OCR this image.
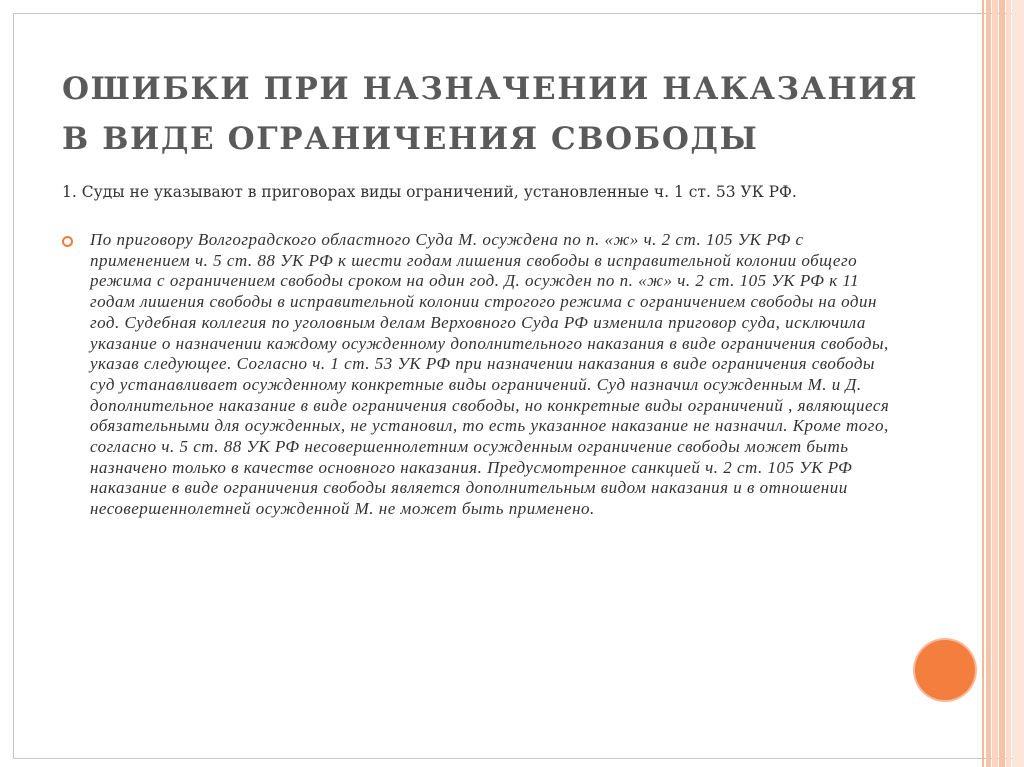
ОШИБКИ ПРИ НАЗНАЧЕНИИ НАКАЗАНИЯ В ВИДЕ ОГРАНИЧЕНИЯ СВОБОДЫ

1. Суды не указывают в приговорах виды ограничений, установленные ч. 1 ст. 53 УК РФ.

По приговору Волгоградского областного Суда М. осуждена по п. «ж» ч. 2 ст. 105 УК РФ с применением ч. 5 ст. 88 УК РФ к шести годам лишения свободы в исправительной колонии общего режима с ограничением свободы сроком на один год. Д. осужден по п. «ж» ч. 2 ст. 105 УК РФ к 11 годам лишения свободы в исправительной колонии строгого режима с ограничением свободы на один год. Судебная коллегия по уголовным делам Верховного Суда РФ изменила приговор суда, исключила указание о назначении каждому осужденному дополнительного наказания в виде ограничения свободы, указав следующее. Согласно ч. 1 ст. 53 УК РФ при назначении наказания в виде ограничения свободы суд устанавливает осужденному конкретные виды ограничений. Суд назначил осужденным М. и Д. дополнительное наказание в виде ограничения свободы, но конкретные виды ограничений , являющиеся обязательными для осужденных, не установил, то есть указанное наказание не назначил. Кроме того, согласно ч. 5 ст. 88 УК РФ несовершеннолетним осужденным ограничение свободы может быть назначено только в качестве основного наказания. Предусмотренное санкцией ч. 2 ст. 105 УК РФ наказание в виде ограничения свободы является дополнительным видом наказания и в отношении несовершеннолетней осужденной М. не может быть применено.
